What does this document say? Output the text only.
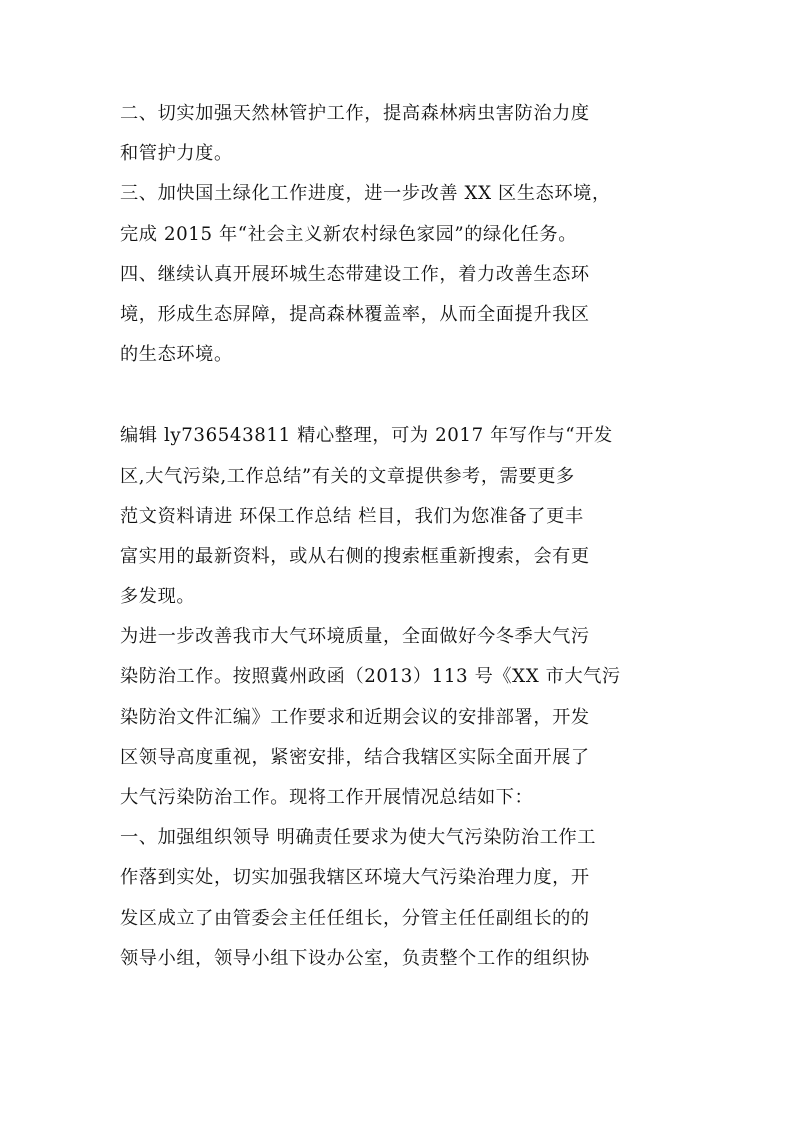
二、切实加强天然林管护工作，提高森林病虫害防治力度
和管护力度。
三、加快国土绿化工作进度，进一步改善 XX 区生态环境，
完成 2015 年“社会主义新农村绿色家园”的绿化任务。
四、继续认真开展环城生态带建设工作，着力改善生态环
境，形成生态屏障，提高森林覆盖率，从而全面提升我区
的生态环境。
编辑 ly736543811 精心整理，可为 2017 年写作与“开发
区,大气污染,工作总结”有关的文章提供参考，需要更多
范文资料请进 环保工作总结 栏目，我们为您准备了更丰
富实用的最新资料，或从右侧的搜索框重新搜索，会有更
多发现。
为进一步改善我市大气环境质量，全面做好今冬季大气污
染防治工作。按照冀州政函（2013）113 号《XX 市大气污
染防治文件汇编》工作要求和近期会议的安排部署，开发
区领导高度重视，紧密安排，结合我辖区实际全面开展了
大气污染防治工作。现将工作开展情况总结如下：
一、加强组织领导 明确责任要求为使大气污染防治工作工
作落到实处，切实加强我辖区环境大气污染治理力度，开
发区成立了由管委会主任任组长，分管主任任副组长的的
领导小组，领导小组下设办公室，负责整个工作的组织协
